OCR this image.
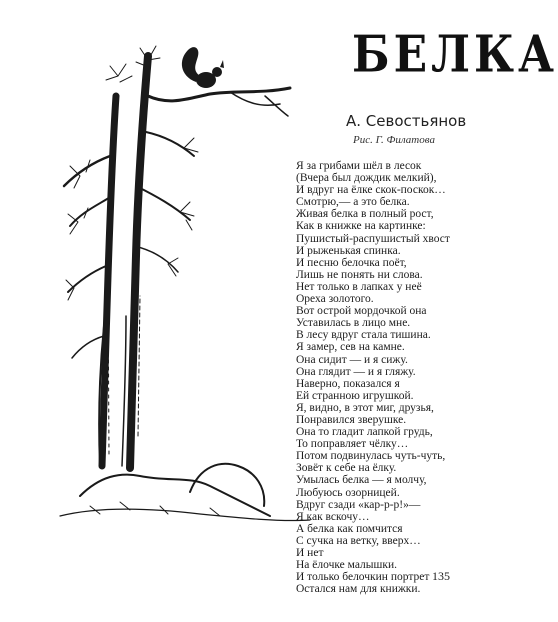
БЕЛКА
А. Севостьянов
Рис. Г. Филатова
Я за грибами шёл в лесок
(Вчера был дождик мелкий),
И вдруг на ёлке скок-поскок…
Смотрю,— а это белка.
Живая белка в полный рост,
Как в книжке на картинке:
Пушистый-распушистый хвост
И рыженькая спинка.
И песню белочка поёт,
Лишь не понять ни слова.
Нет только в лапках у неё
Ореха золотого.
Вот острой мордочкой она
Уставилась в лицо мне.
В лесу вдруг стала тишина.
Я замер, сев на камне.
Она сидит — и я сижу.
Она глядит — и я гляжу.
Наверно, показался я
Ей странною игрушкой.
Я, видно, в этот миг, друзья,
Понравился зверушке.
Она то гладит лапкой грудь,
То поправляет чёлку…
Потом подвинулась чуть-чуть,
Зовёт к себе на ёлку.
Умылась белка — я молчу,
Любуюсь озорницей.
Вдруг сзади «кар-р-р!»—
Я как вскочу…
А белка как помчится
С сучка на ветку, вверх…
И нет
На ёлочке малышки.
И только белочкин портрет
Остался нам для книжки.
135
